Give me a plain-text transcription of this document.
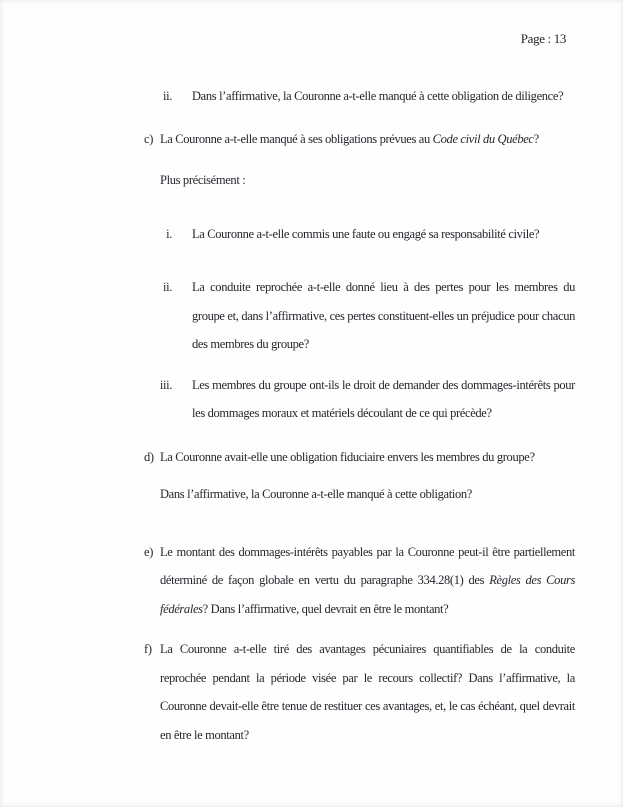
Page : 13
ii. Dans l’affirmative, la Couronne a-t-elle manqué à cette obligation de diligence?
c) La Couronne a-t-elle manqué à ses obligations prévues au Code civil du Québec?
Plus précisément :
i. La Couronne a-t-elle commis une faute ou engagé sa responsabilité civile?
ii. La conduite reprochée a-t-elle donné lieu à des pertes pour les membres du groupe et, dans l’affirmative, ces pertes constituent-elles un préjudice pour chacun des membres du groupe?
iii. Les membres du groupe ont-ils le droit de demander des dommages-intérêts pour les dommages moraux et matériels découlant de ce qui précède?
d) La Couronne avait-elle une obligation fiduciaire envers les membres du groupe?
Dans l’affirmative, la Couronne a-t-elle manqué à cette obligation?
e) Le montant des dommages-intérêts payables par la Couronne peut-il être partiellement déterminé de façon globale en vertu du paragraphe 334.28(1) des Règles des Cours fédérales? Dans l’affirmative, quel devrait en être le montant?
f) La Couronne a-t-elle tiré des avantages pécuniaires quantifiables de la conduite reprochée pendant la période visée par le recours collectif? Dans l’affirmative, la Couronne devait-elle être tenue de restituer ces avantages, et, le cas échéant, quel devrait en être le montant?
